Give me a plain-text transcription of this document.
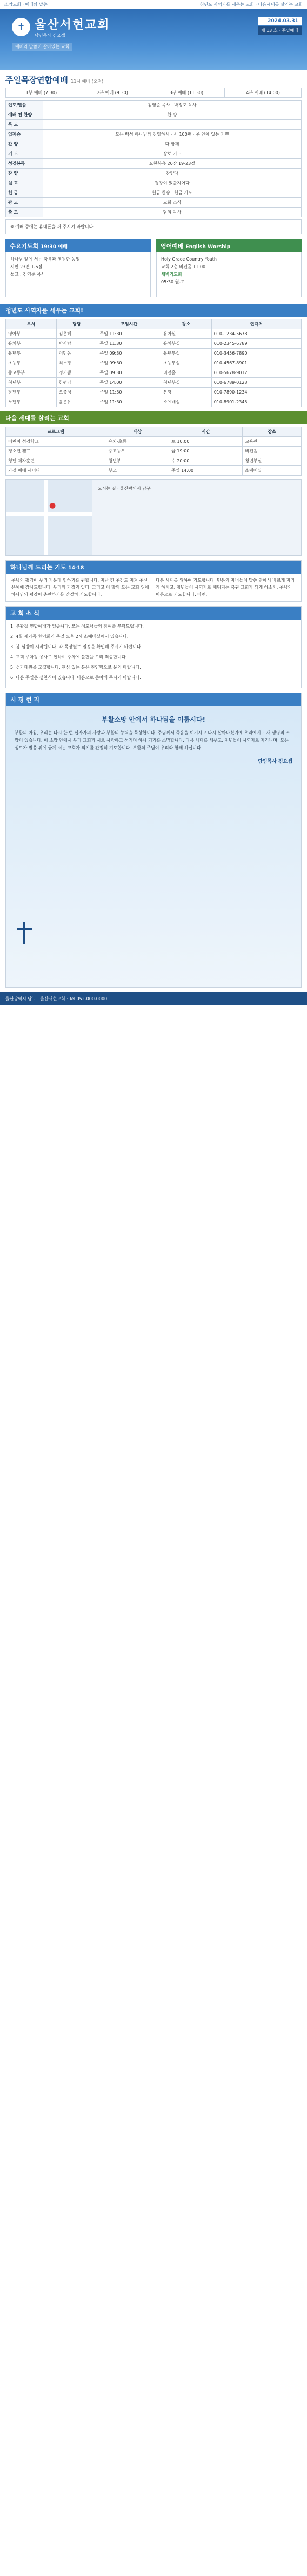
소망교회 · 예배와 말씀	청년도 사역자를 세우는 교회 · 다음세대를 살리는 교회
✝ 울산서현교회
담임목사 김요셉
예배와 말씀이 살아있는 교회
2024.03.31
제 13 호 · 주일예배
주일목장연합예배 11시 예배 (오전)
1부 예배 (7:30)	2부 예배 (9:30)	3부 예배 (11:30)	4부 예배 (14:00)
인도/말씀	김영준 목사 · 박정호 목사
예배 전 찬양	찬 양
묵 도	
입례송	모든 백성 하나님께 찬양하세 · 시 100편 · 주 안에 있는 기쁨
찬 양	다 함께
기 도	장로 기도
성경봉독	요한복음 20장 19-23절
찬 양	찬양대
설 교	평강이 있을지어다
헌 금	헌금 찬송 · 헌금 기도
광 고	교회 소식
축 도	담임 목사
※ 예배 중에는 휴대폰을 꺼 주시기 바랍니다.
수요기도회 19:30 예배
하나님 앞에 서는 축복과 영원한 동행
시편 23편 1-6절
설교 : 김영준 목사
영어예배 English Worship
Holy Grace Country Youth
교회 2층 비전홀 11:00
새벽기도회
05:30 월-토
청년도 사역자를 세우는 교회!
부서	담당	모임시간	장소	연락처
영아부	김은혜	주일 11:30	유아실	010-1234-5678
유치부	박사랑	주일 11:30	유치부실	010-2345-6789
유년부	이믿음	주일 09:30	유년부실	010-3456-7890
초등부	최소망	주일 09:30	초등부실	010-4567-8901
중고등부	정기쁨	주일 09:30	비전홀	010-5678-9012
청년부	한평강	주일 14:00	청년부실	010-6789-0123
장년부	오충성	주일 11:30	본당	010-7890-1234
노년부	윤온유	주일 11:30	소예배실	010-8901-2345
다음 세대를 살리는 교회
프로그램	대상	시간	장소
어린이 성경학교	유치-초등	토 10:00	교육관
청소년 캠프	중고등부	금 19:00	비전홀
청년 제자훈련	청년부	수 20:00	청년부실
가정 예배 세미나	부모	주일 14:00	소예배실
●
오시는 길 · 울산광역시 남구
하나님께 드리는 기도 14-18
주님의 평강이 우리 가운데 임하기를 원합니다. 지난 한 주간도 지켜 주신 은혜에 감사드립니다. 우리의 가정과 일터, 그리고 이 땅의 모든 교회 위에 하나님의 평강이 충만하기를 간절히 기도합니다.
다음 세대를 위하여 기도합니다. 믿음의 자녀들이 말씀 안에서 바르게 자라게 하시고, 청년들이 사역자로 세워지는 복된 교회가 되게 하소서. 주님의 이름으로 기도합니다. 아멘.
교 회 소 식

1. 부활절 연합예배가 있습니다. 모든 성도님들의 참여를 부탁드립니다.

2. 4월 새가족 환영회가 주일 오후 2시 소예배실에서 있습니다.

3. 봄 심방이 시작됩니다. 각 목장별로 일정을 확인해 주시기 바랍니다.

4. 교회 주차장 공사로 인하여 주차에 불편을 드려 죄송합니다.

5. 성가대원을 모집합니다. 관심 있는 분은 찬양팀으로 문의 바랍니다.

6. 다음 주일은 성찬식이 있습니다. 마음으로 준비해 주시기 바랍니다.

시 평 현 지
부활소망 안에서 하나됨을 이룹시다!
부활의 아침, 우리는 다시 한 번 십자가의 사랑과 부활의 능력을 묵상합니다. 주님께서 죽음을 이기시고 다시 살아나셨기에 우리에게도 새 생명의 소망이 있습니다. 이 소망 안에서 우리 교회가 서로 사랑하고 섬기며 하나 되기를 소망합니다. 다음 세대를 세우고, 청년들이 사역자로 자라나며, 모든 성도가 말씀 위에 굳게 서는 교회가 되기를 간절히 기도합니다. 부활의 주님이 우리와 함께 하십니다.
담임목사 김요셉
울산광역시 남구 · 울산서현교회 · Tel 052-000-0000
